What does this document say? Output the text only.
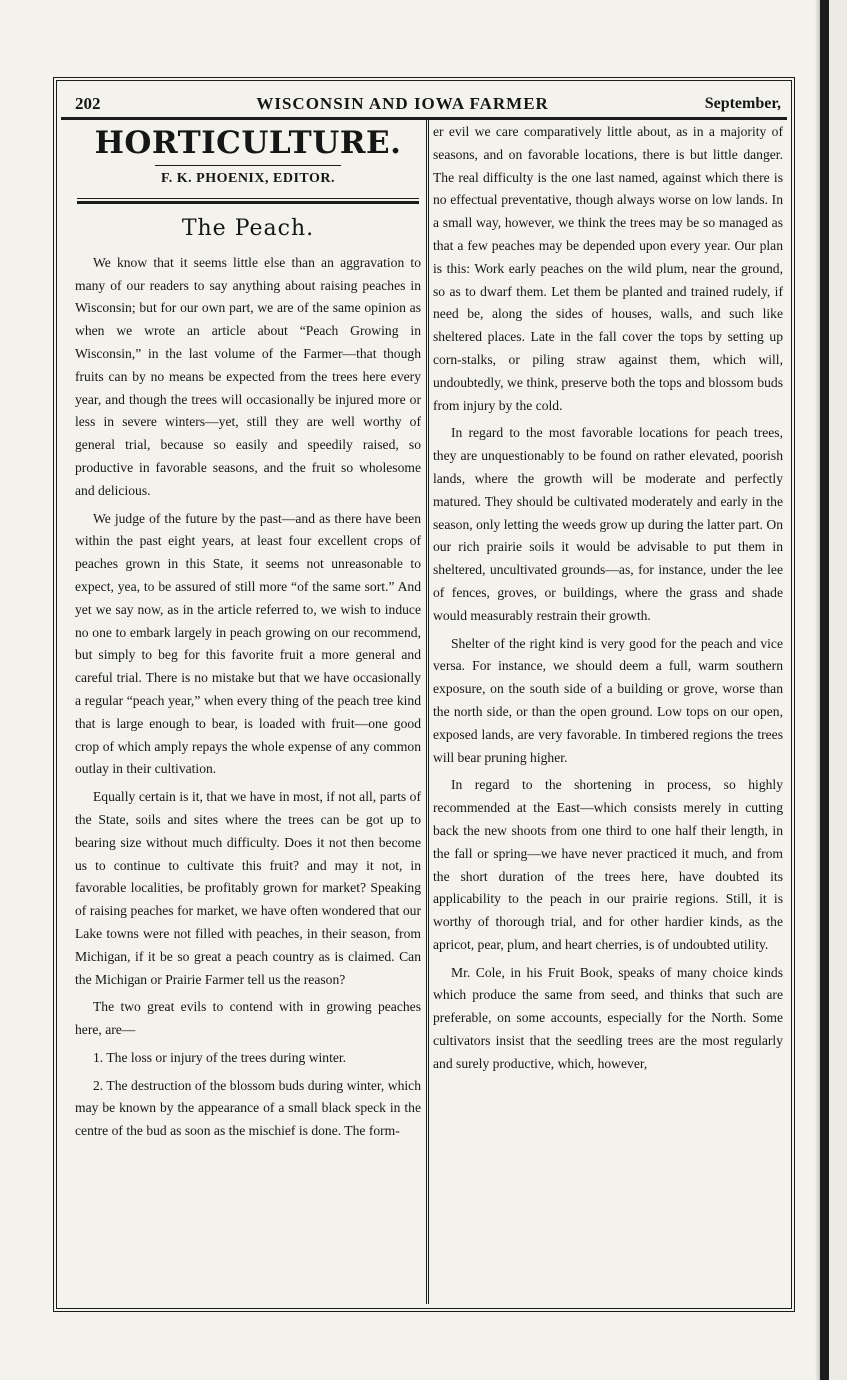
202	WISCONSIN AND IOWA FARMER	September,
HORTICULTURE.
F. K. PHOENIX, EDITOR.
The Peach.

We know that it seems little else than an aggravation to many of our readers to say anything about raising peaches in Wisconsin; but for our own part, we are of the same opinion as when we wrote an article about “Peach Growing in Wisconsin,” in the last volume of the Farmer—that though fruits can by no means be expected from the trees here every year, and though the trees will occasionally be injured more or less in severe winters—yet, still they are well worthy of general trial, because so easily and speedily raised, so productive in favorable seasons, and the fruit so wholesome and delicious.

We judge of the future by the past—and as there have been within the past eight years, at least four excellent crops of peaches grown in this State, it seems not unreasonable to expect, yea, to be assured of still more “of the same sort.” And yet we say now, as in the article referred to, we wish to induce no one to embark largely in peach growing on our recommend, but simply to beg for this favorite fruit a more general and careful trial. There is no mistake but that we have occasionally a regular “peach year,” when every thing of the peach tree kind that is large enough to bear, is loaded with fruit—one good crop of which amply repays the whole expense of any common outlay in their cultivation.

Equally certain is it, that we have in most, if not all, parts of the State, soils and sites where the trees can be got up to bearing size without much difficulty. Does it not then become us to continue to cultivate this fruit? and may it not, in favorable localities, be profitably grown for market? Speaking of raising peaches for market, we have often wondered that our Lake towns were not filled with peaches, in their season, from Michigan, if it be so great a peach country as is claimed. Can the Michigan or Prairie Farmer tell us the reason?

The two great evils to contend with in growing peaches here, are—

1. The loss or injury of the trees during winter.

2. The destruction of the blossom buds during winter, which may be known by the appearance of a small black speck in the centre of the bud as soon as the mischief is done. The form-

er evil we care comparatively little about, as in a majority of seasons, and on favorable locations, there is but little danger. The real difficulty is the one last named, against which there is no effectual preventative, though always worse on low lands. In a small way, however, we think the trees may be so managed as that a few peaches may be depended upon every year. Our plan is this: Work early peaches on the wild plum, near the ground, so as to dwarf them. Let them be planted and trained rudely, if need be, along the sides of houses, walls, and such like sheltered places. Late in the fall cover the tops by setting up corn-stalks, or piling straw against them, which will, undoubtedly, we think, preserve both the tops and blossom buds from injury by the cold.

In regard to the most favorable locations for peach trees, they are unquestionably to be found on rather elevated, poorish lands, where the growth will be moderate and perfectly matured. They should be cultivated moderately and early in the season, only letting the weeds grow up during the latter part. On our rich prairie soils it would be advisable to put them in sheltered, uncultivated grounds—as, for instance, under the lee of fences, groves, or buildings, where the grass and shade would measurably restrain their growth.

Shelter of the right kind is very good for the peach and vice versa. For instance, we should deem a full, warm southern exposure, on the south side of a building or grove, worse than the north side, or than the open ground. Low tops on our open, exposed lands, are very favorable. In timbered regions the trees will bear pruning higher.

In regard to the shortening in process, so highly recommended at the East—which consists merely in cutting back the new shoots from one third to one half their length, in the fall or spring—we have never practiced it much, and from the short duration of the trees here, have doubted its applicability to the peach in our prairie regions. Still, it is worthy of thorough trial, and for other hardier kinds, as the apricot, pear, plum, and heart cherries, is of undoubted utility.

Mr. Cole, in his Fruit Book, speaks of many choice kinds which produce the same from seed, and thinks that such are preferable, on some accounts, especially for the North. Some cultivators insist that the seedling trees are the most regularly and surely productive, which, however,
